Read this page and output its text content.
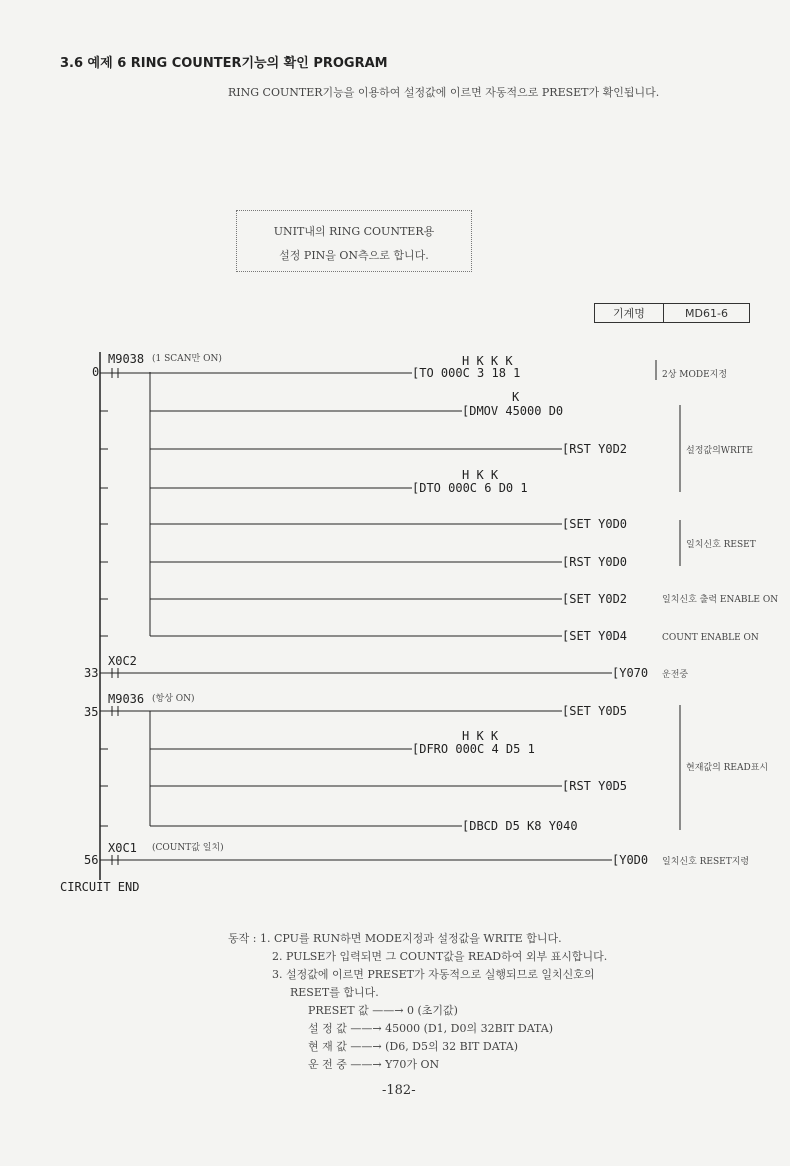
3.6 예제 6 RING COUNTER기능의 확인 PROGRAM
RING COUNTER기능을 이용하여 설정값에 이르면 자동적으로 PRESET가 확인됩니다.
UNIT내의 RING COUNTER용
설정 PIN을 ON측으로 합니다.
기계명	MD61-6
0
33
35
56
M9038 (1 SCAN만 ON)
X0C2
M9036 (항상 ON)
X0C1 (COUNT값 일치)
H K K K
[TO 000C 3 18 1
K
[DMOV 45000 D0
[RST Y0D2
H K K
[DTO 000C 6 D0 1
[SET Y0D0
[RST Y0D0
[SET Y0D2
[SET Y0D4
[Y070
[SET Y0D5
H K K
[DFRO 000C 4 D5 1
[RST Y0D5
[DBCD D5 K8 Y040
[Y0D0
2상 MODE지정
설정값의WRITE
일치신호 RESET
일치신호 출력 ENABLE ON
COUNT ENABLE ON
운전중
현재값의 READ표시
일치신호 RESET지령
CIRCUIT END
동작 : 1. CPU를 RUN하면 MODE지정과 설정값을 WRITE 합니다.
2. PULSE가 입력되면 그 COUNT값을 READ하여 외부 표시합니다.
3. 설정값에 이르면 PRESET가 자동적으로 실행되므로 일치신호의
RESET를 합니다.
PRESET 값 ——→ 0 (초기값)
설 정 값 ——→ 45000 (D1, D0의 32BIT DATA)
현 재 값 ——→ (D6, D5의 32 BIT DATA)
운 전 중 ——→ Y70가 ON
-182-
